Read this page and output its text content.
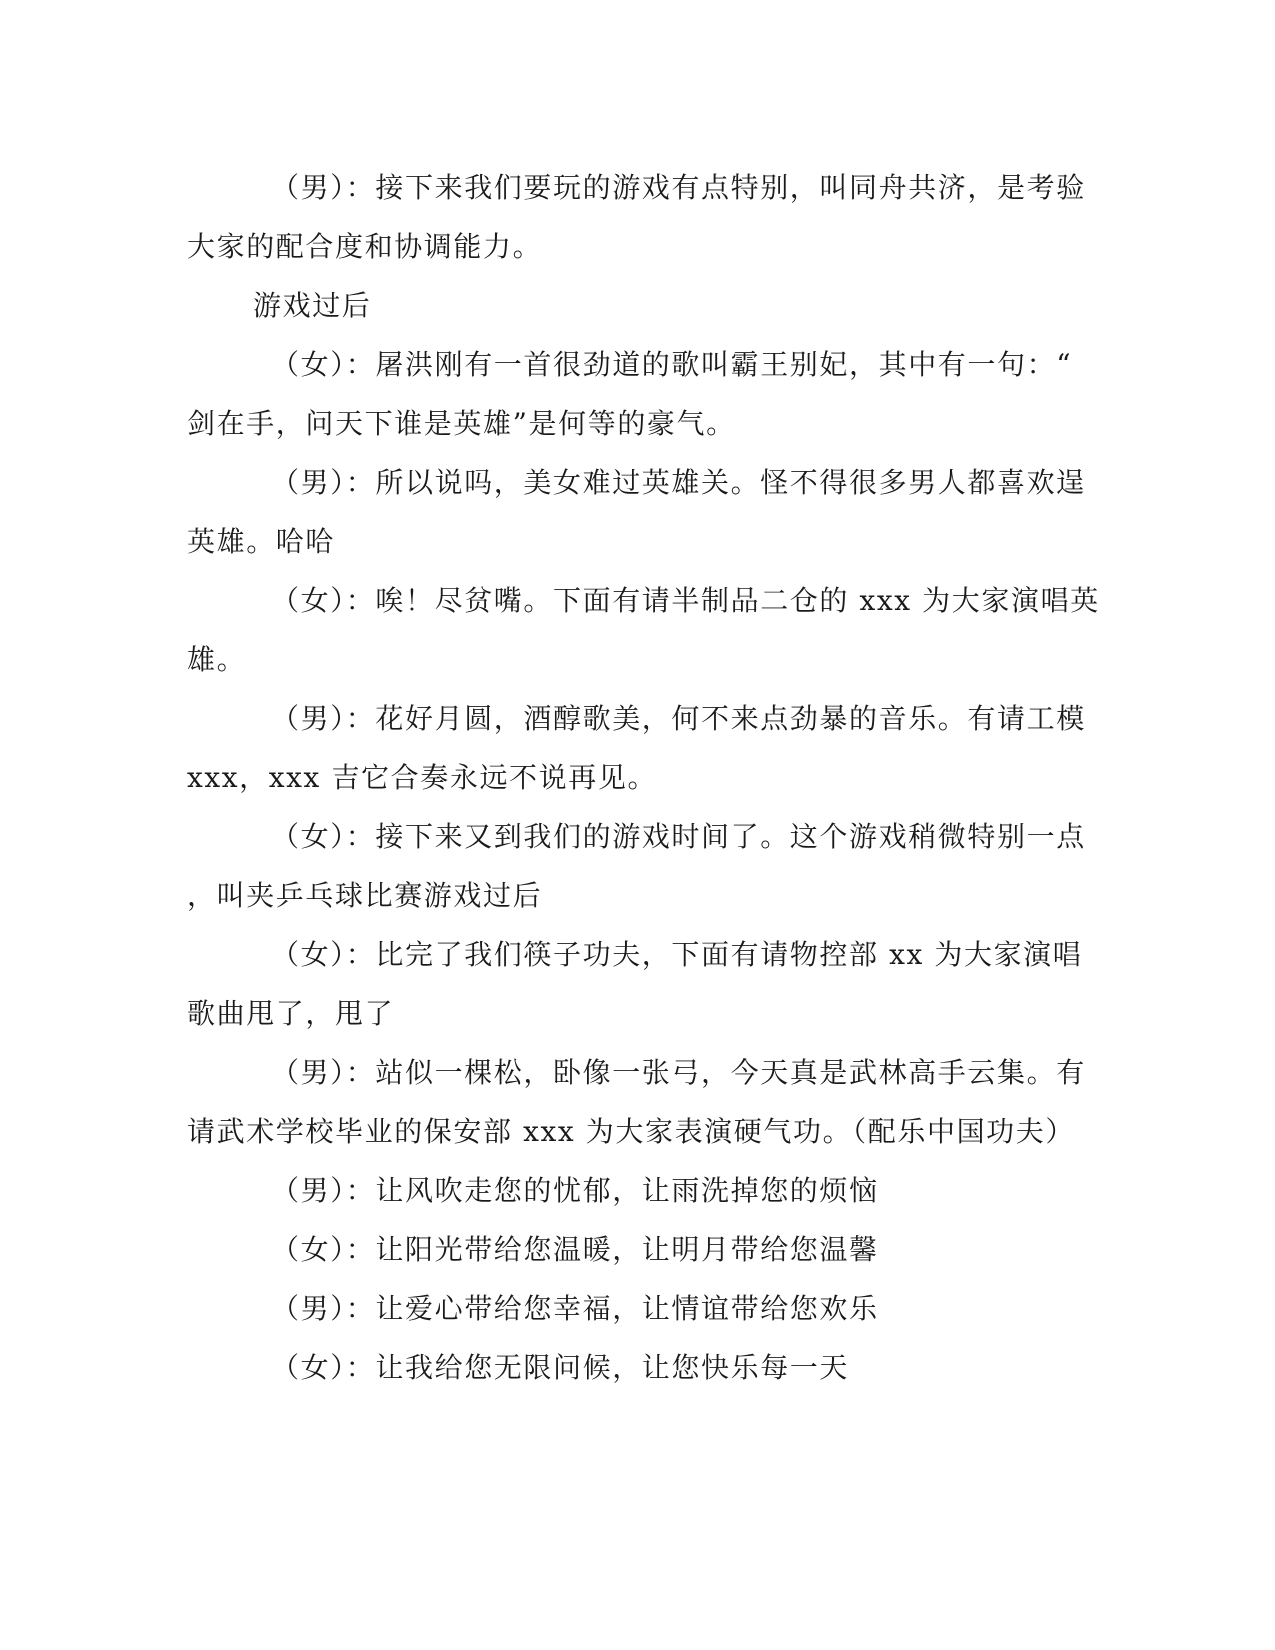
（男）：接下来我们要玩的游戏有点特别，叫同舟共济，是考验
大家的配合度和协调能力。

游戏过后

（女）：屠洪刚有一首很劲道的歌叫霸王别妃，其中有一句：“
剑在手，问天下谁是英雄”是何等的豪气。

（男）：所以说吗，美女难过英雄关。怪不得很多男人都喜欢逞
英雄。哈哈

（女）：唉！尽贫嘴。下面有请半制品二仓的 xxx 为大家演唱英
雄。

（男）：花好月圆，酒醇歌美，何不来点劲暴的音乐。有请工模
xxx，xxx 吉它合奏永远不说再见。

（女）：接下来又到我们的游戏时间了。这个游戏稍微特别一点
，叫夹乒乓球比赛游戏过后

（女）：比完了我们筷子功夫，下面有请物控部 xx 为大家演唱
歌曲甩了，甩了

（男）：站似一棵松，卧像一张弓，今天真是武林高手云集。有
请武术学校毕业的保安部 xxx 为大家表演硬气功。（配乐中国功夫）

（男）：让风吹走您的忧郁，让雨洗掉您的烦恼

（女）：让阳光带给您温暖，让明月带给您温馨

（男）：让爱心带给您幸福，让情谊带给您欢乐

（女）：让我给您无限问候，让您快乐每一天
